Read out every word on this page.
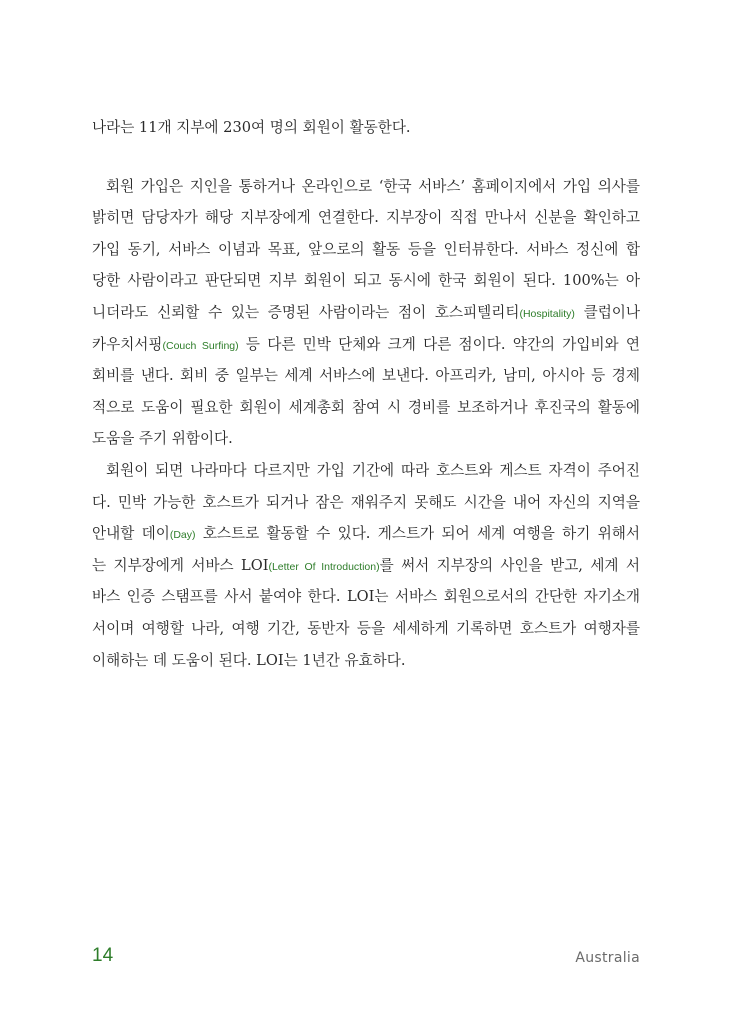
나라는 11개 지부에 230여 명의 회원이 활동한다.
회원 가입은 지인을 통하거나 온라인으로 ‘한국 서바스’ 홈페이지에서 가입 의사를
밝히면 담당자가 해당 지부장에게 연결한다. 지부장이 직접 만나서 신분을 확인하고
가입 동기, 서바스 이념과 목표, 앞으로의 활동 등을 인터뷰한다. 서바스 정신에 합
당한 사람이라고 판단되면 지부 회원이 되고 동시에 한국 회원이 된다. 100%는 아
니더라도 신뢰할 수 있는 증명된 사람이라는 점이 호스피텔리티(Hospitality) 클럽이나
카우치서핑(Couch Surfing) 등 다른 민박 단체와 크게 다른 점이다. 약간의 가입비와 연
회비를 낸다. 회비 중 일부는 세계 서바스에 보낸다. 아프리카, 남미, 아시아 등 경제
적으로 도움이 필요한 회원이 세계총회 참여 시 경비를 보조하거나 후진국의 활동에
도움을 주기 위함이다.
회원이 되면 나라마다 다르지만 가입 기간에 따라 호스트와 게스트 자격이 주어진
다. 민박 가능한 호스트가 되거나 잠은 재워주지 못해도 시간을 내어 자신의 지역을
안내할 데이(Day) 호스트로 활동할 수 있다. 게스트가 되어 세계 여행을 하기 위해서
는 지부장에게 서바스 LOI(Letter Of Introduction)를 써서 지부장의 사인을 받고, 세계 서
바스 인증 스탬프를 사서 붙여야 한다. LOI는 서바스 회원으로서의 간단한 자기소개
서이며 여행할 나라, 여행 기간, 동반자 등을 세세하게 기록하면 호스트가 여행자를
이해하는 데 도움이 된다. LOI는 1년간 유효하다.
14	Australia
